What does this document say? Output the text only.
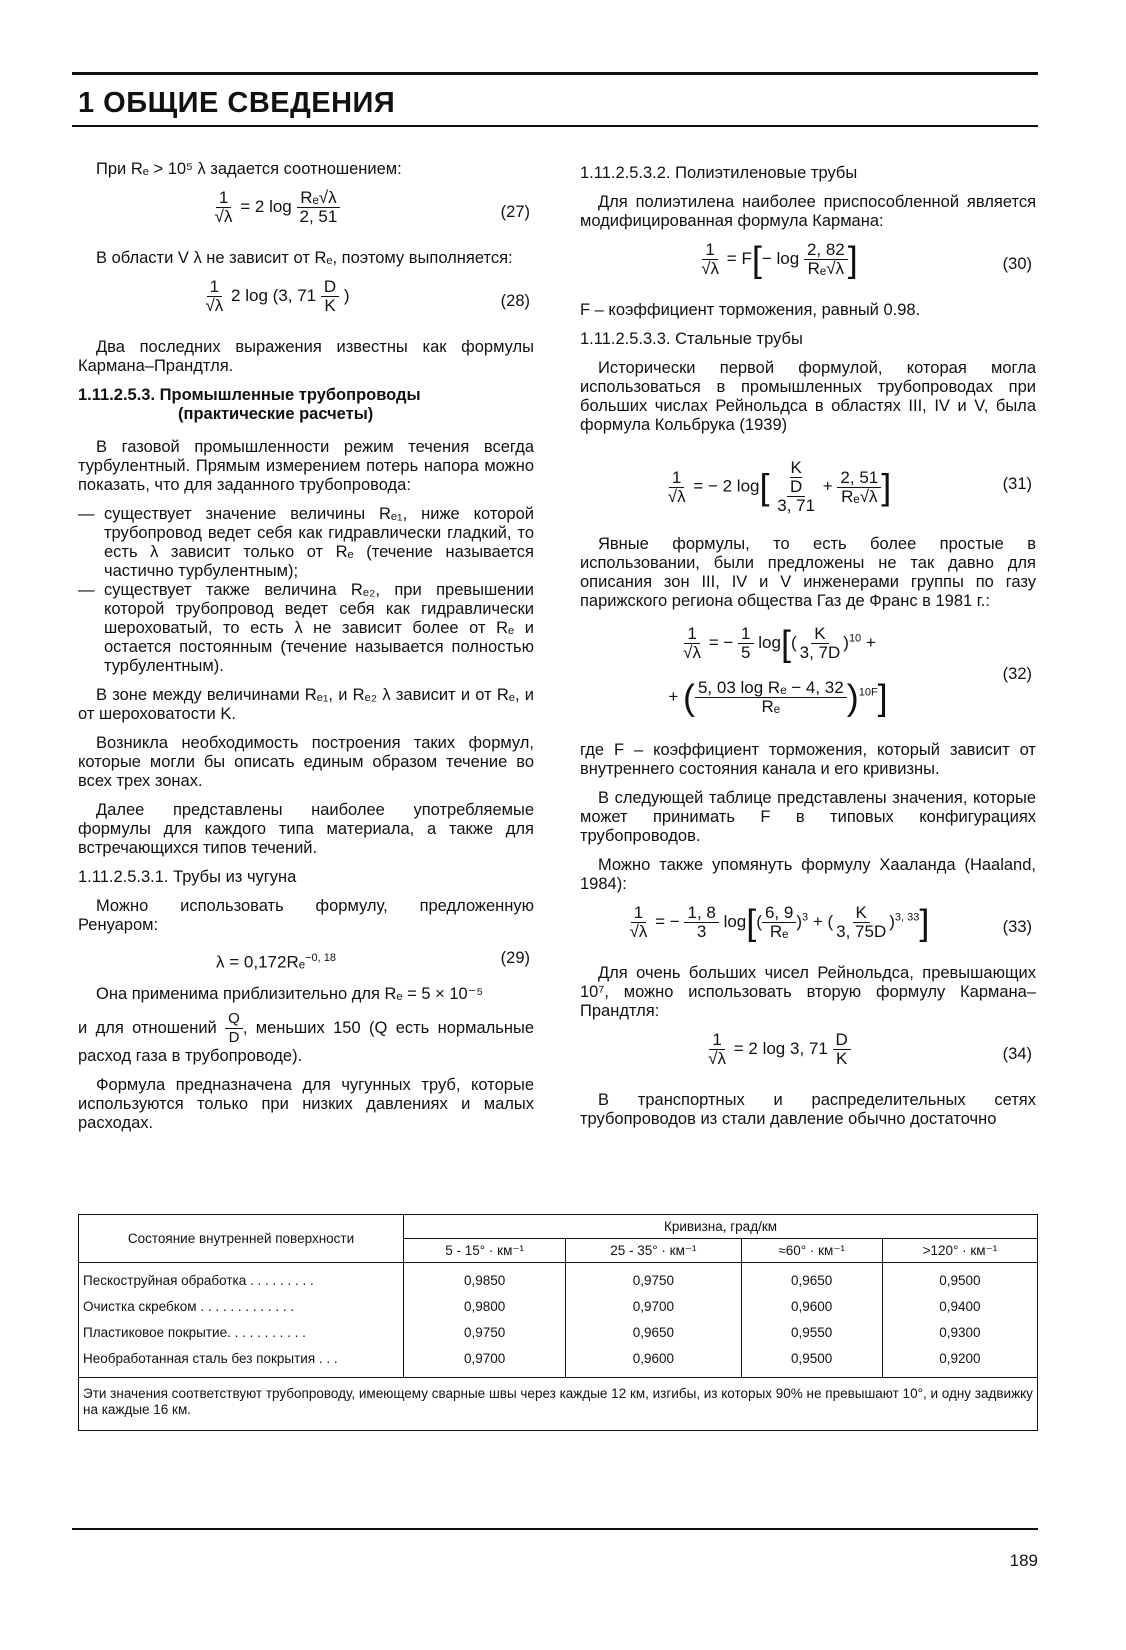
1 ОБЩИЕ СВЕДЕНИЯ

При Rₑ > 10⁵ λ задается соотношением:

$\frac{1}{√\lambda} = 2$ $\log \frac{\text{Rₑ√λ}}{2, 51}$	(27)

В области V λ не зависит от Rₑ, поэтому выполняется:

$\frac{1}{√\lambda} 2$ log (3, $71 \frac{D}{K}$ )	(28)

Два последних выражения известны как формулы Кармана–Прандтля.

1.11.2.5.3. Промышленные трубопроводы
(практические расчеты)

В газовой промышленности режим течения всегда турбулентный. Прямым измерением потерь напора можно показать, что для заданного трубопровода:

— существует значение величины Rₑ₁, ниже которой трубопровод ведет себя как гидравлически гладкий, то есть λ зависит только от Rₑ (течение называется частично турбулентным);
— существует также величина Rₑ₂, при превышении которой трубопровод ведет себя как гидравлически шероховатый, то есть λ не зависит более от Rₑ и остается постоянным (течение называется полностью турбулентным).

В зоне между величинами Rₑ₁, и Rₑ₂ λ зависит и от Rₑ, и от шероховатости K.

Возникла необходимость построения таких формул, которые могли бы описать единым образом течение во всех трех зонах.

Далее представлены наиболее употребляемые формулы для каждого типа материала, а также для встречающихся типов течений.

1.11.2.5.3.1. Трубы из чугуна

Можно использовать формулу, предложенную Ренуаром:

λ = 0,172Rₑ$^{-0, 18}$	(29)

Она применима приблизительно для Rₑ = 5 × 10⁻⁵

и для отношений $\frac{Q}{D}$ , меньших 150 (Q есть нормальные расход газа в трубопроводе).

Формула предназначена для чугунных труб, которые используются только при низких давлениях и малых расходах.

1.11.2.5.3.2. Полиэтиленовые трубы

Для полиэтилена наиболее приспособленной является модифицированная формула Кармана:

$\frac{1}{√\lambda} = F[- \log \frac{2, 82}{\text{Rₑ√λ}}$ ]	(30)

F – коэффициент торможения, равный 0.98.

1.11.2.5.3.3. Стальные трубы

Исторически первой формулой, которая могла использоваться в промышленных трубопроводах при больших числах Рейнольдса в областях III, IV и V, была формула Кольбрука (1939)

$\frac{1}{√\lambda}$ = − 2 log[ K
D
3, $71 + \frac{2, 51}{\text{Rₑ√λ}}$ ]	(31)

Явные формулы, то есть более простые в использовании, были предложены не так давно для описания зон III, IV и V инженерами группы по газу парижского региона общества Газ де Франс в 1981 г.:

$\frac{1}{√\lambda}$ = − $\frac{1}{5} \log[( \frac{K}{3, 7D} )^{10}$ +
+ ( $\frac{\text{5, 03 log Rₑ − 4, 32}}{\text{Rₑ}} )^{10F}$]
(32)

где F – коэффициент торможения, который зависит от внутреннего состояния канала и его кривизны.

В следующей таблице представлены значения, которые может принимать F в типовых конфигурациях трубопроводов.

Можно также упомянуть формулу Хааланда (Haaland, 1984):

$\frac{1}{√\lambda}$ = − $\frac{1, 8}{3} \log[( \frac{6, 9}{\text{Rₑ}} )^3$ + ( $\frac{K}{3, 75D} )^{3, 33}$]	(33)

Для очень больших чисел Рейнольдса, превышающих 10⁷, можно использовать вторую формулу Кармана–Прандтля:

$\frac{1}{√\lambda} = 2$ log 3, $71 \frac{D}{K}$	(34)

В транспортных и распределительных сетях трубопроводов из стали давление обычно достаточно

Состояние внутренней поверхности	Кривизна, град/км			
	5 - 15° · км⁻¹	25 - 35° · км⁻¹	≈60° · км⁻¹	>120° · км⁻¹
Пескоструйная обработка . . . . . . . . .	0,9850	0,9750	0,9650	0,9500
Очистка скребком . . . . . . . . . . . . .	0,9800	0,9700	0,9600	0,9400
Пластиковое покрытие. . . . . . . . . . .	0,9750	0,9650	0,9550	0,9300
Необработанная сталь без покрытия . . .	0,9700	0,9600	0,9500	0,9200
Эти значения соответствуют трубопроводу, имеющему сварные швы через каждые 12 км, изгибы, из которых 90% не превышают 10°, и одну задвижку на каждые 16 км.				
189
